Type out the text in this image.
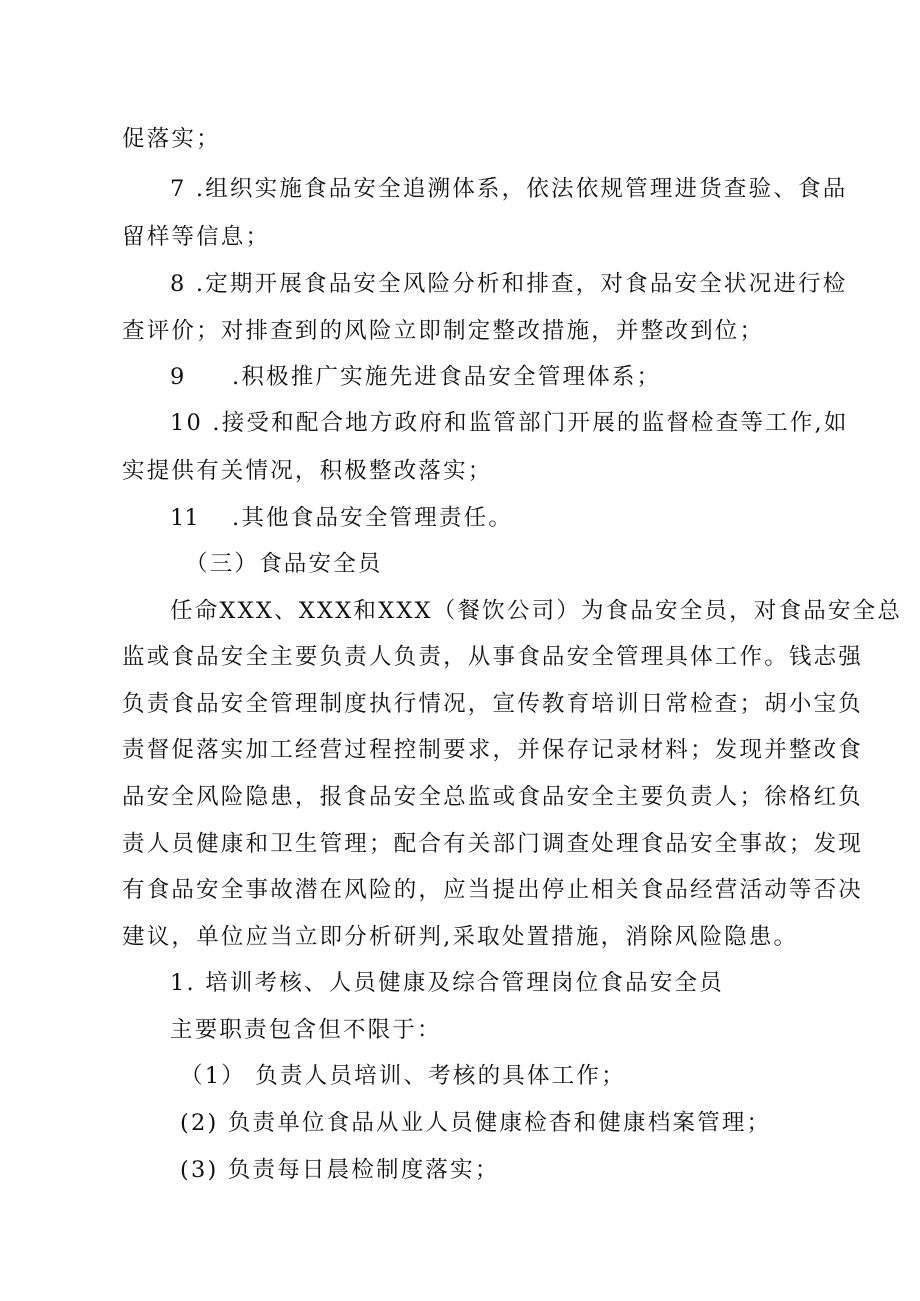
促落实；
7 .组织实施食品安全追溯体系，依法依规管理进货查验、食品
留样等信息；
8 .定期开展食品安全风险分析和排查，对食品安全状况进行检
查评价；对排查到的风险立即制定整改措施，并整改到位；
9 .积极推广实施先进食品安全管理体系；
10 .接受和配合地方政府和监管部门开展的监督检查等工作,如
实提供有关情况，积极整改落实；
11 .其他食品安全管理责任。
（三）食品安全员
任命XXX、XXX和XXX（餐饮公司）为食品安全员，对食品安全总
监或食品安全主要负责人负责，从事食品安全管理具体工作。钱志强
负责食品安全管理制度执行情况，宣传教育培训日常检查；胡小宝负
责督促落实加工经营过程控制要求，并保存记录材料；发现并整改食
品安全风险隐患，报食品安全总监或食品安全主要负责人；徐格红负
责人员健康和卫生管理；配合有关部门调查处理食品安全事故；发现
有食品安全事故潜在风险的，应当提出停止相关食品经营活动等否决
建议，单位应当立即分析研判,采取处置措施，消除风险隐患。
1. 培训考核、人员健康及综合管理岗位食品安全员
主要职责包含但不限于：
（1） 负责人员培训、考核的具体工作；
(2) 负责单位食品从业人员健康检杳和健康档案管理；
(3) 负责每日晨检制度落实；
